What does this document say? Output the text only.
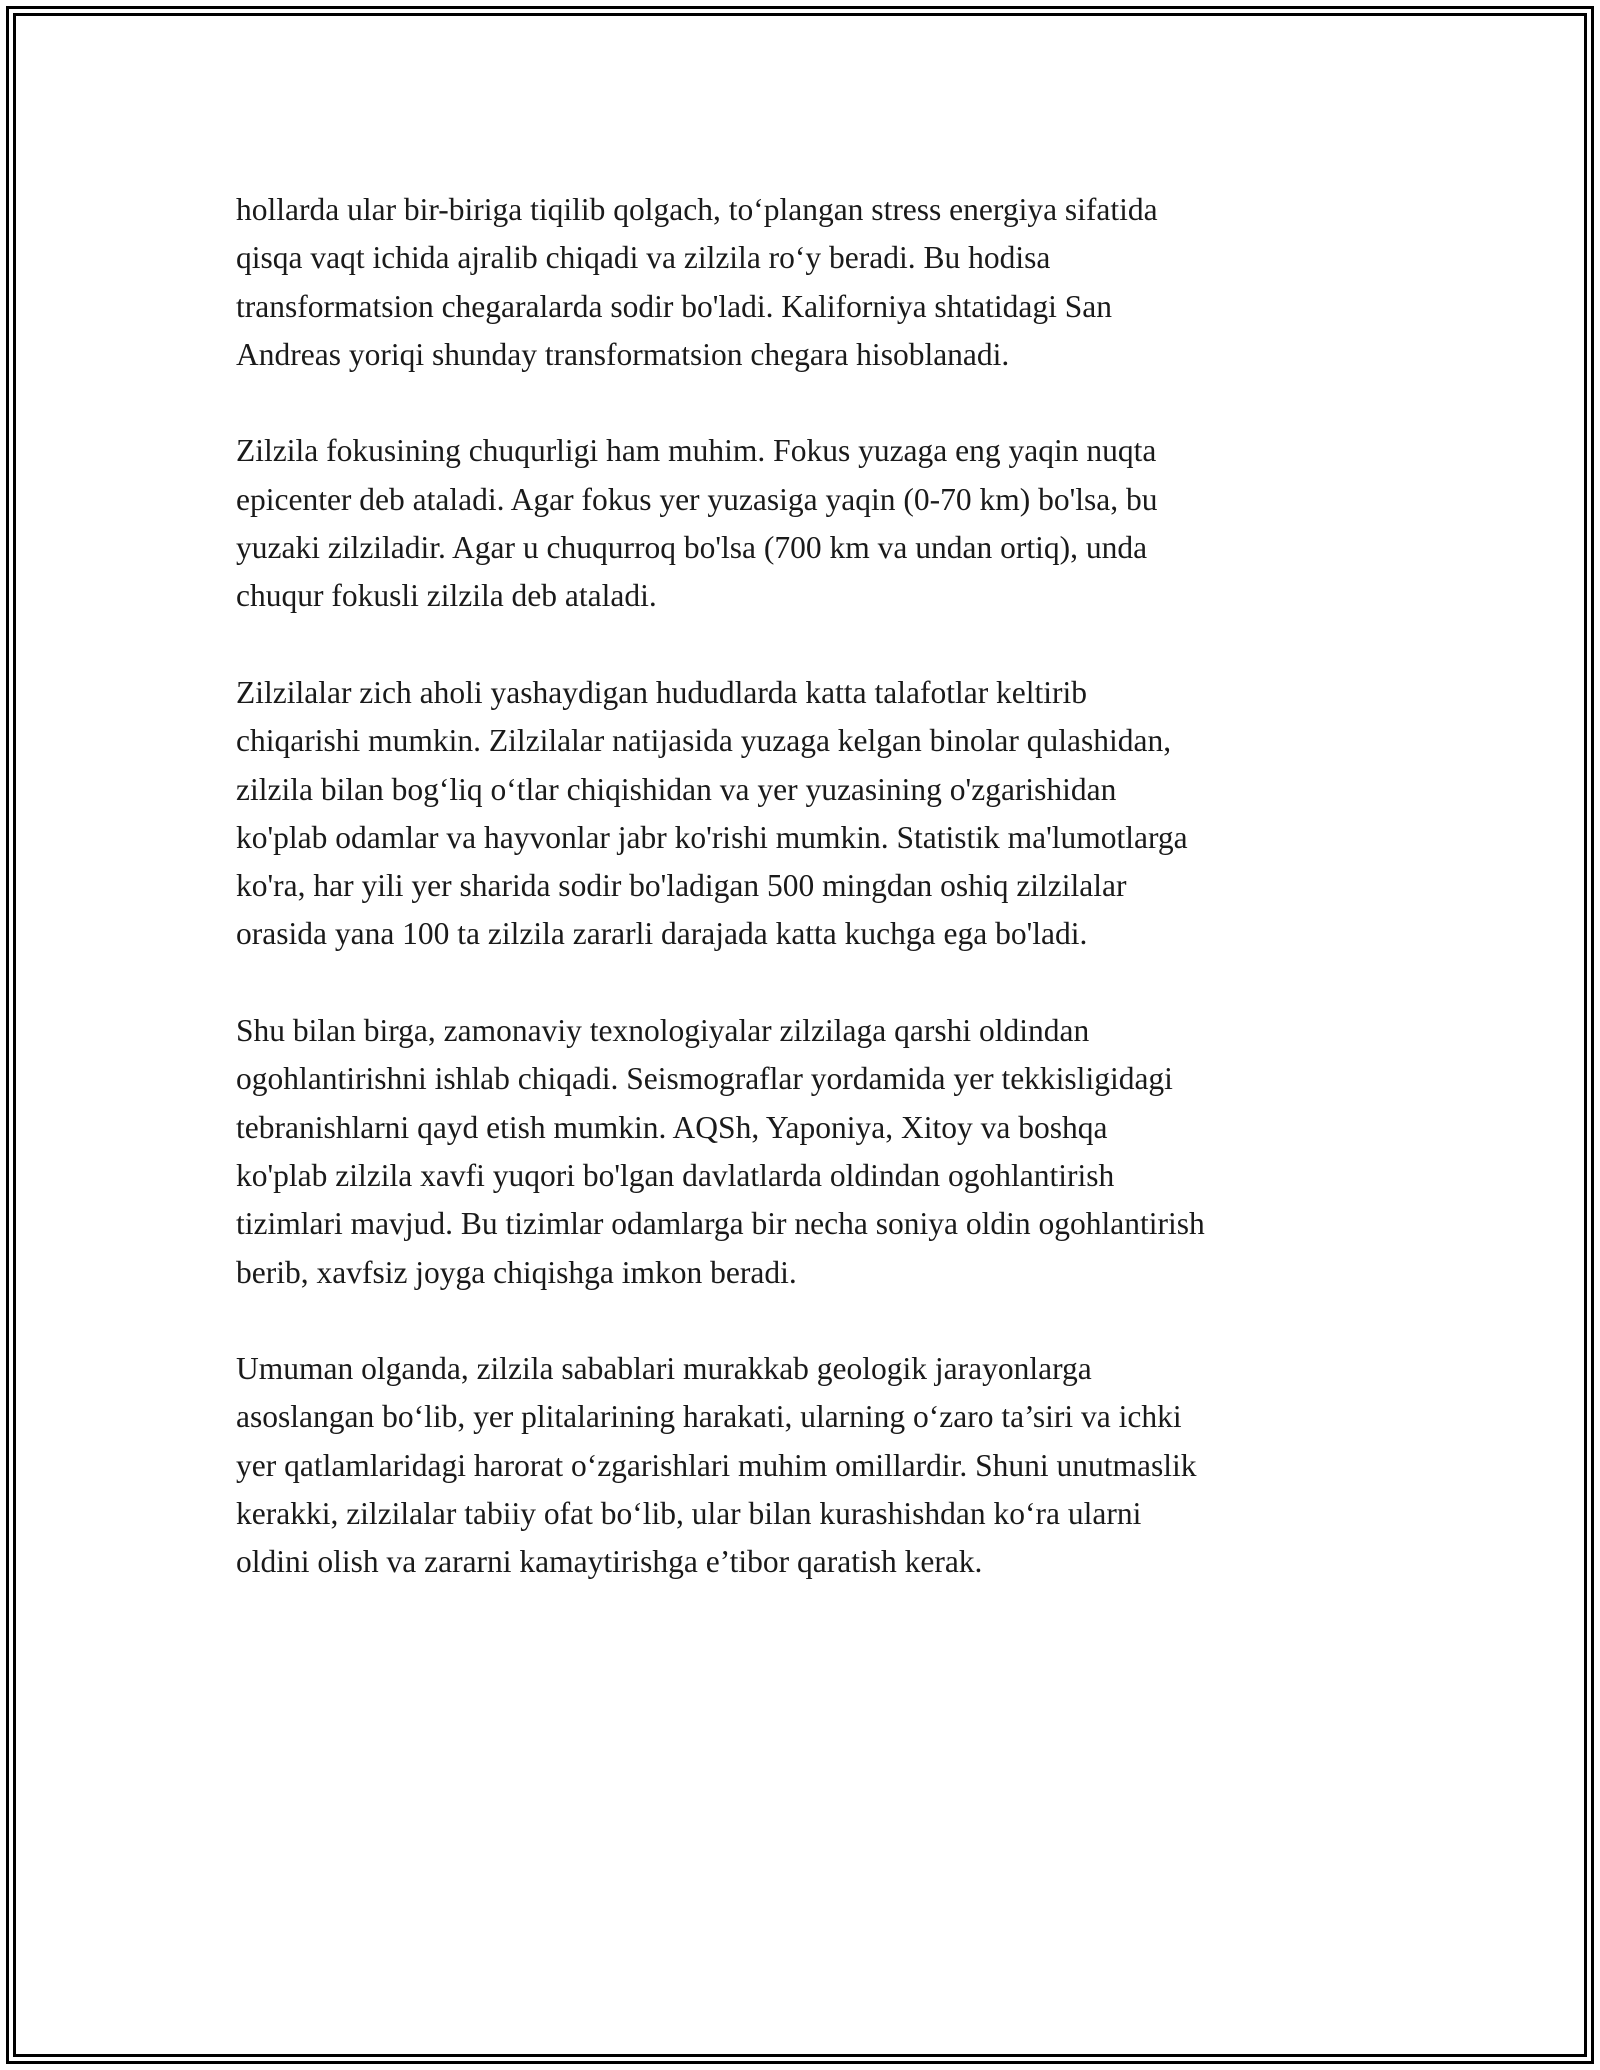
hollarda ular bir-biriga tiqilib qolgach, to‘plangan stress energiya sifatida
qisqa vaqt ichida ajralib chiqadi va zilzila ro‘y beradi. Bu hodisa
transformatsion chegaralarda sodir bo'ladi. Kaliforniya shtatidagi San
Andreas yoriqi shunday transformatsion chegara hisoblanadi.

Zilzila fokusining chuqurligi ham muhim. Fokus yuzaga eng yaqin nuqta
epicenter deb ataladi. Agar fokus yer yuzasiga yaqin (0-70 km) bo'lsa, bu
yuzaki zilziladir. Agar u chuqurroq bo'lsa (700 km va undan ortiq), unda
chuqur fokusli zilzila deb ataladi.

Zilzilalar zich aholi yashaydigan hududlarda katta talafotlar keltirib
chiqarishi mumkin. Zilzilalar natijasida yuzaga kelgan binolar qulashidan,
zilzila bilan bog‘liq o‘tlar chiqishidan va yer yuzasining o'zgarishidan
ko'plab odamlar va hayvonlar jabr ko'rishi mumkin. Statistik ma'lumotlarga
ko'ra, har yili yer sharida sodir bo'ladigan 500 mingdan oshiq zilzilalar
orasida yana 100 ta zilzila zararli darajada katta kuchga ega bo'ladi.

Shu bilan birga, zamonaviy texnologiyalar zilzilaga qarshi oldindan
ogohlantirishni ishlab chiqadi. Seismograflar yordamida yer tekkisligidagi
tebranishlarni qayd etish mumkin. AQSh, Yaponiya, Xitoy va boshqa
ko'plab zilzila xavfi yuqori bo'lgan davlatlarda oldindan ogohlantirish
tizimlari mavjud. Bu tizimlar odamlarga bir necha soniya oldin ogohlantirish
berib, xavfsiz joyga chiqishga imkon beradi.

Umuman olganda, zilzila sabablari murakkab geologik jarayonlarga
asoslangan bo‘lib, yer plitalarining harakati, ularning o‘zaro ta’siri va ichki
yer qatlamlaridagi harorat o‘zgarishlari muhim omillardir. Shuni unutmaslik
kerakki, zilzilalar tabiiy ofat bo‘lib, ular bilan kurashishdan ko‘ra ularni
oldini olish va zararni kamaytirishga e’tibor qaratish kerak.
